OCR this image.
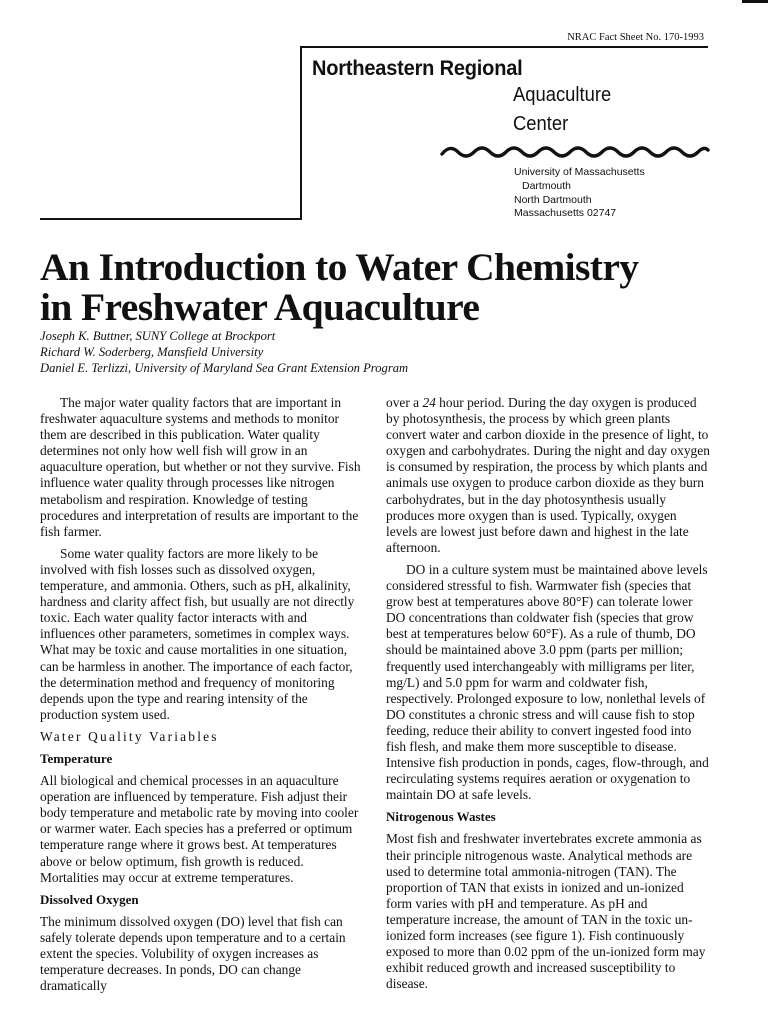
NRAC Fact Sheet No. 170-1993
Northeastern Regional
Aquaculture
Center
University of Massachusetts
Dartmouth
North Dartmouth
Massachusetts 02747
An Introduction to Water Chemistry
in Freshwater Aquaculture
Joseph K. Buttner, SUNY College at Brockport
Richard W. Soderberg, Mansfield University
Daniel E. Terlizzi, University of Maryland Sea Grant Extension Program

The major water quality factors that are important in freshwater aquaculture systems and methods to monitor them are described in this publication. Water quality determines not only how well fish will grow in an aquaculture operation, but whether or not they survive. Fish influence water quality through processes like nitrogen metabolism and respiration. Knowledge of testing procedures and interpretation of results are important to the fish farmer.

Some water quality factors are more likely to be involved with fish losses such as dissolved oxygen, temperature, and ammonia. Others, such as pH, alkalinity, hardness and clarity affect fish, but usually are not directly toxic. Each water quality factor interacts with and influences other parameters, sometimes in complex ways. What may be toxic and cause mortalities in one situation, can be harmless in another. The importance of each factor, the determination method and frequency of monitoring depends upon the type and rearing intensity of the production system used.

Water Quality Variables
Temperature

All biological and chemical processes in an aquaculture operation are influenced by temperature. Fish adjust their body temperature and metabolic rate by moving into cooler or warmer water. Each species has a preferred or optimum temperature range where it grows best. At temperatures above or below optimum, fish growth is reduced. Mortalities may occur at extreme temperatures.

Dissolved Oxygen

The minimum dissolved oxygen (DO) level that fish can safely tolerate depends upon temperature and to a certain extent the species. Volubility of oxygen increases as temperature decreases. In ponds, DO can change dramatically

over a 24 hour period. During the day oxygen is produced by photosynthesis, the process by which green plants convert water and carbon dioxide in the presence of light, to oxygen and carbohydrates. During the night and day oxygen is consumed by respiration, the process by which plants and animals use oxygen to produce carbon dioxide as they burn carbohydrates, but in the day photosynthesis usually produces more oxygen than is used. Typically, oxygen levels are lowest just before dawn and highest in the late afternoon.

DO in a culture system must be maintained above levels considered stressful to fish. Warmwater fish (species that grow best at temperatures above 80°F) can tolerate lower DO concentrations than coldwater fish (species that grow best at temperatures below 60°F). As a rule of thumb, DO should be maintained above 3.0 ppm (parts per million; frequently used interchangeably with milligrams per liter, mg/L) and 5.0 ppm for warm and coldwater fish, respectively. Prolonged exposure to low, nonlethal levels of DO constitutes a chronic stress and will cause fish to stop feeding, reduce their ability to convert ingested food into fish flesh, and make them more susceptible to disease. Intensive fish production in ponds, cages, flow-through, and recirculating systems requires aeration or oxygenation to maintain DO at safe levels.

Nitrogenous Wastes

Most fish and freshwater invertebrates excrete ammonia as their principle nitrogenous waste. Analytical methods are used to determine total ammonia-nitrogen (TAN). The proportion of TAN that exists in ionized and un-ionized form varies with pH and temperature. As pH and temperature increase, the amount of TAN in the toxic un-ionized form increases (see figure 1). Fish continuously exposed to more than 0.02 ppm of the un-ionized form may exhibit reduced growth and increased susceptibility to disease.
